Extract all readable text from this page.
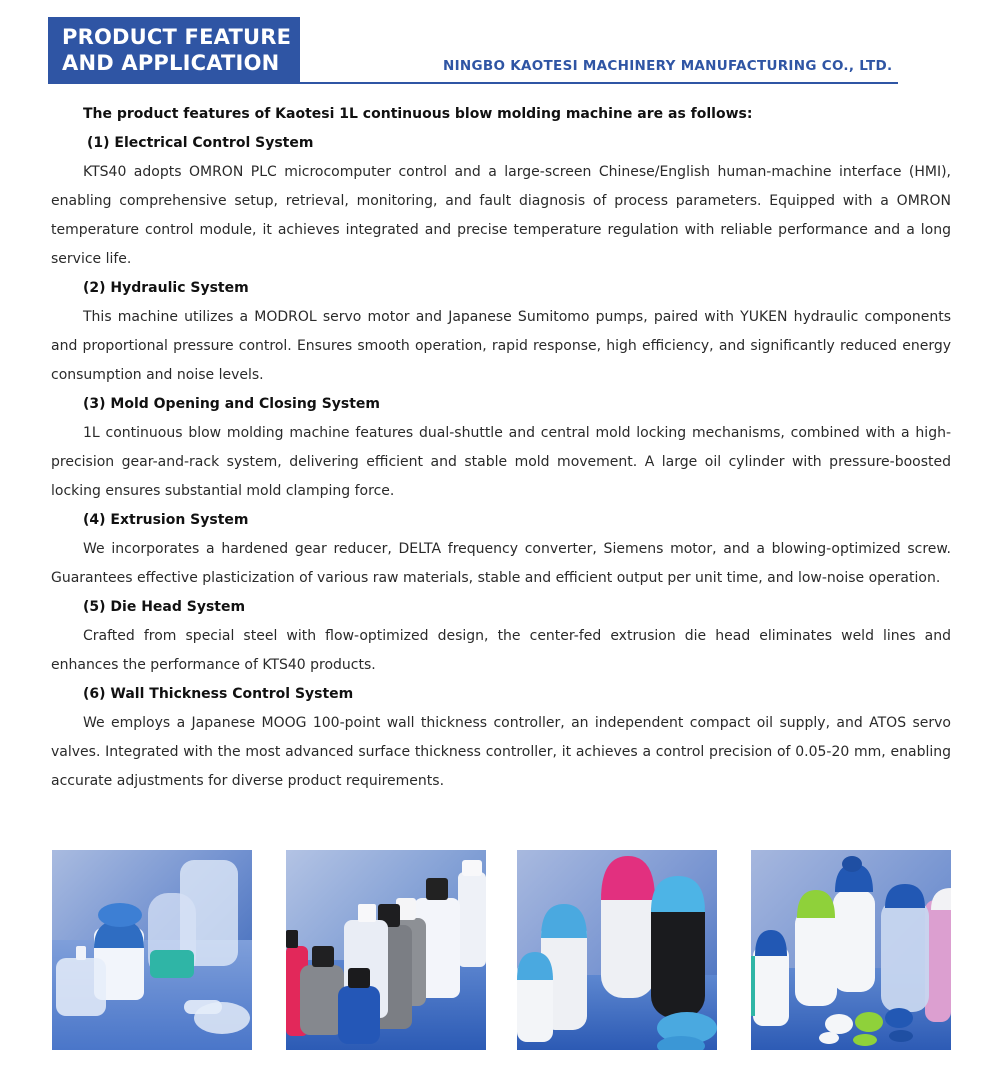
PRODUCT FEATURE
AND APPLICATION	NINGBO KAOTESI MACHINERY MANUFACTURING CO., LTD.
The product features of Kaotesi 1L continuous blow molding machine are as follows:
(1) Electrical Control System
KTS40 adopts OMRON PLC microcomputer control and a large-screen Chinese/English human-machine interface (HMI), enabling comprehensive setup, retrieval, monitoring, and fault diagnosis of process parameters. Equipped with a OMRON temperature control module, it achieves integrated and precise temperature regulation with reliable performance and a long service life.
(2) Hydraulic System
This machine utilizes a MODROL servo motor and Japanese Sumitomo pumps, paired with YUKEN hydraulic components and proportional pressure control. Ensures smooth operation, rapid response, high efficiency, and significantly reduced energy consumption and noise levels.
(3) Mold Opening and Closing System
1L continuous blow molding machine features dual-shuttle and central mold locking mechanisms, combined with a high-precision gear-and-rack system, delivering efficient and stable mold movement. A large oil cylinder with pressure-boosted locking ensures substantial mold clamping force.
(4) Extrusion System
We incorporates a hardened gear reducer, DELTA frequency converter, Siemens motor, and a blowing-optimized screw. Guarantees effective plasticization of various raw materials, stable and efficient output per unit time, and low-noise operation.
(5) Die Head System
Crafted from special steel with flow-optimized design, the center-fed extrusion die head eliminates weld lines and enhances the performance of KTS40 products.
(6) Wall Thickness Control System
We employs a Japanese MOOG 100-point wall thickness controller, an independent compact oil supply, and ATOS servo valves. Integrated with the most advanced surface thickness controller, it achieves a control precision of 0.05-20 mm, enabling accurate adjustments for diverse product requirements.
